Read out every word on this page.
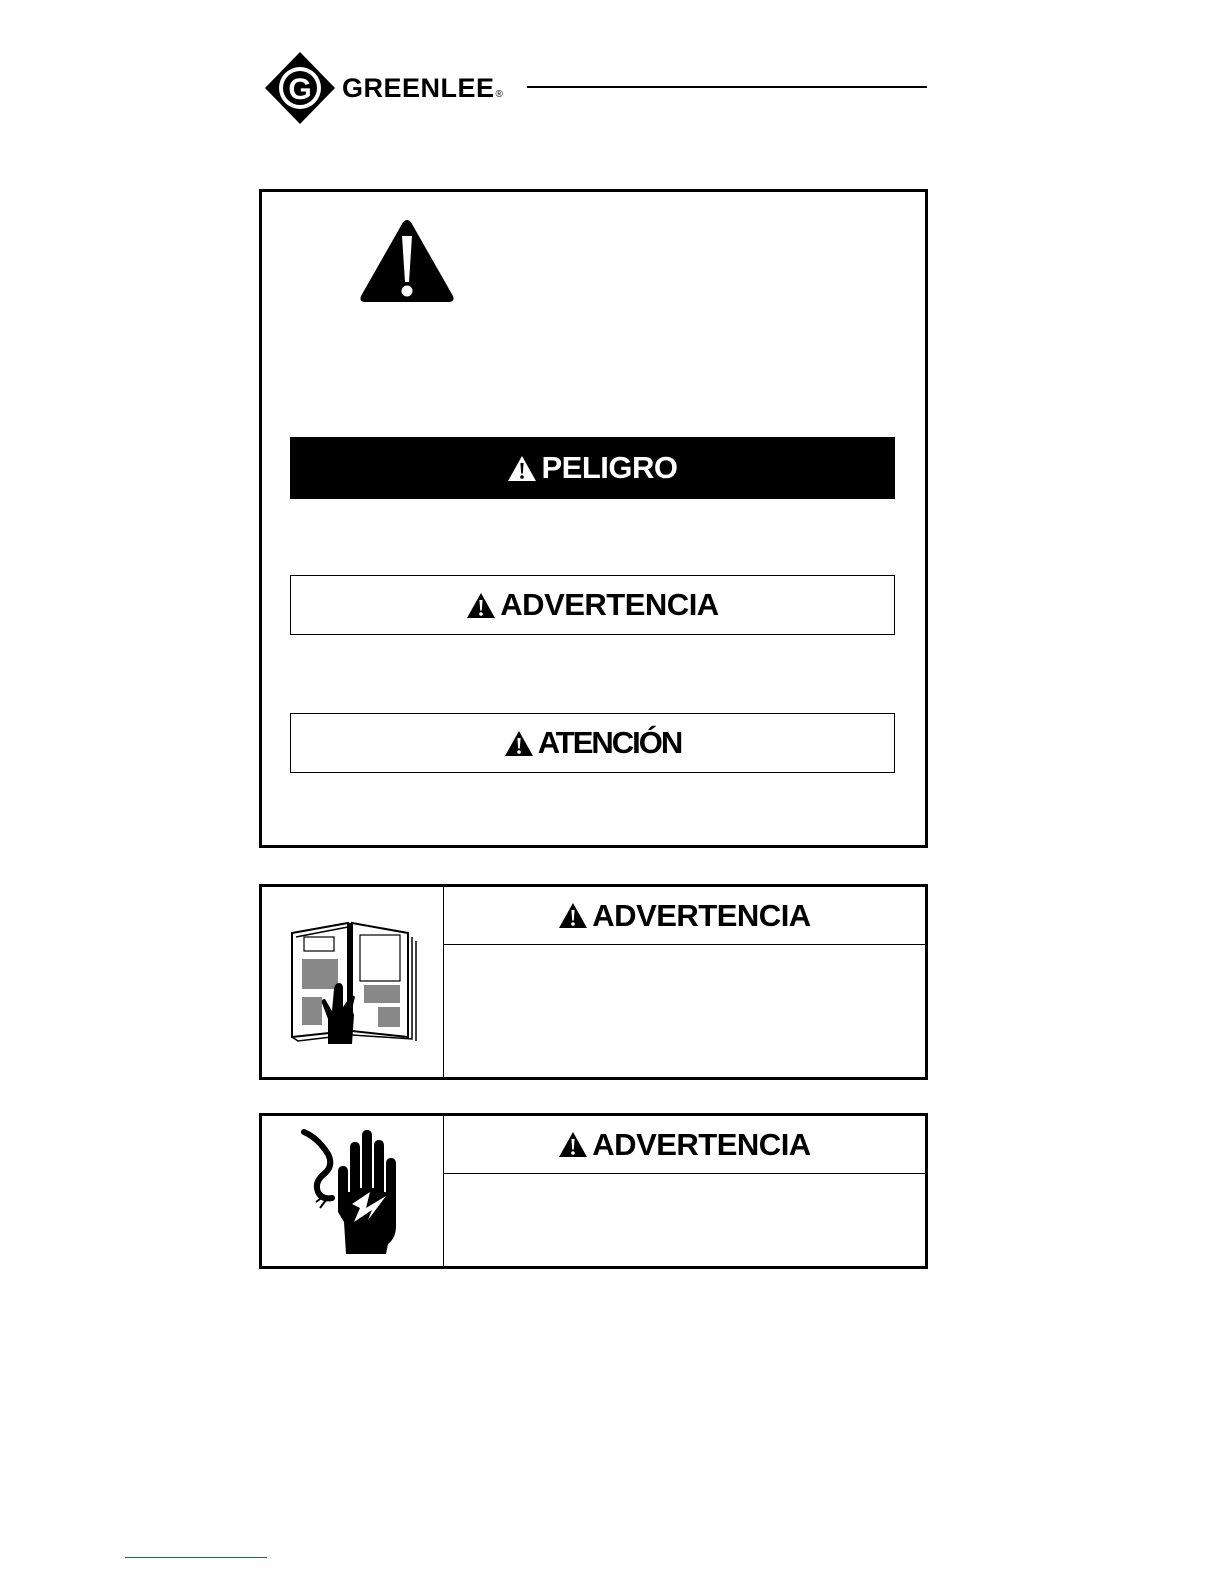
G GREENLEE®
PELIGRO
ADVERTENCIA
ATENCIÓN
ADVERTENCIA
ADVERTENCIA
